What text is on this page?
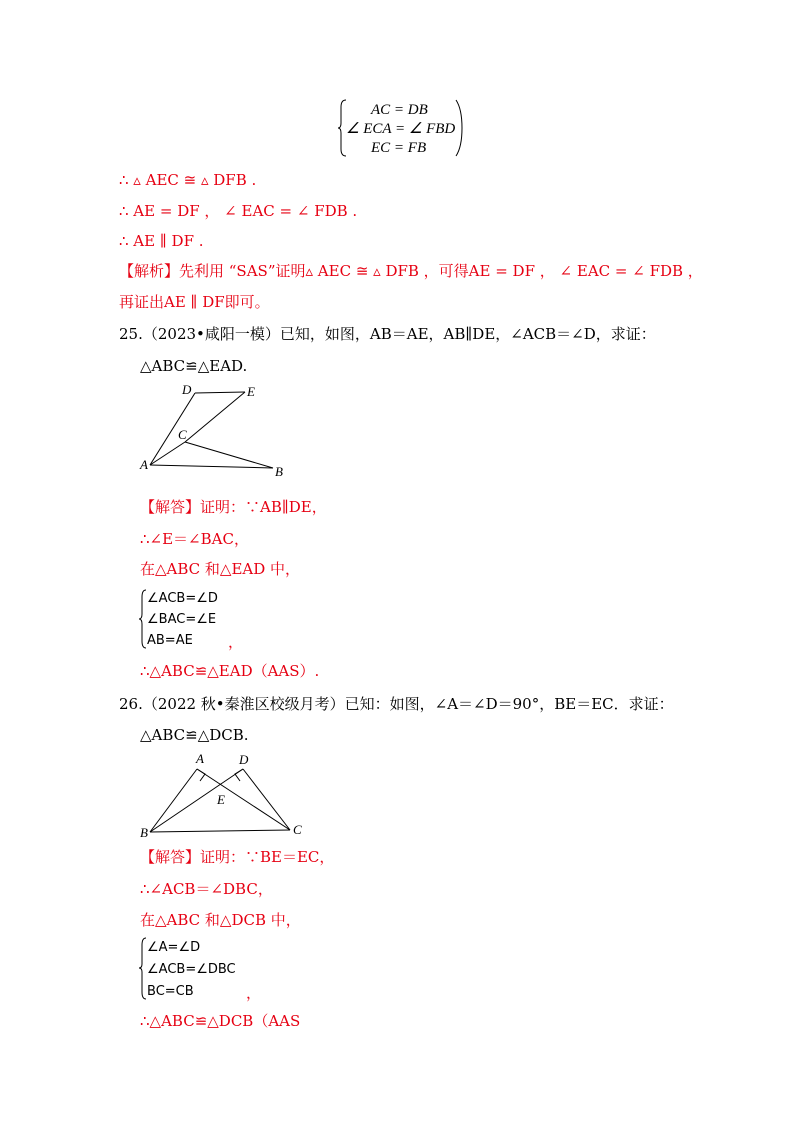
AC = DB
∠ ECA = ∠ FBD
EC = FB
∴ ▵ AEC ≅ ▵ DFB .
∴ AE = DF ， ∠ EAC = ∠ FDB .
∴ AE ∥ DF .
【解析】先利用 “SAS”证明▵ AEC ≅ ▵ DFB ，可得AE = DF ， ∠ EAC = ∠ FDB ，
再证出AE ∥ DF即可。
25.（2023•咸阳一模）已知，如图，AB＝AE，AB∥DE，∠ACB＝∠D，求证：
△ABC≌△EAD.
D	E
C
A	B
【解答】证明：∵AB∥DE，
∴∠E＝∠BAC，
在△ABC 和△EAD 中，
∠ACB=∠D
∠BAC=∠E
AB=AE ，
∴△ABC≌△EAD（AAS）.
26.（2022 秋•秦淮区校级月考）已知：如图，∠A＝∠D＝90°，BE＝EC．求证：
△ABC≌△DCB.
A	D
E
B	C
【解答】证明：∵BE＝EC，
∴∠ACB＝∠DBC，
在△ABC 和△DCB 中，
∠A=∠D
∠ACB=∠DBC
BC=CB	，
∴△ABC≌△DCB（AAS
